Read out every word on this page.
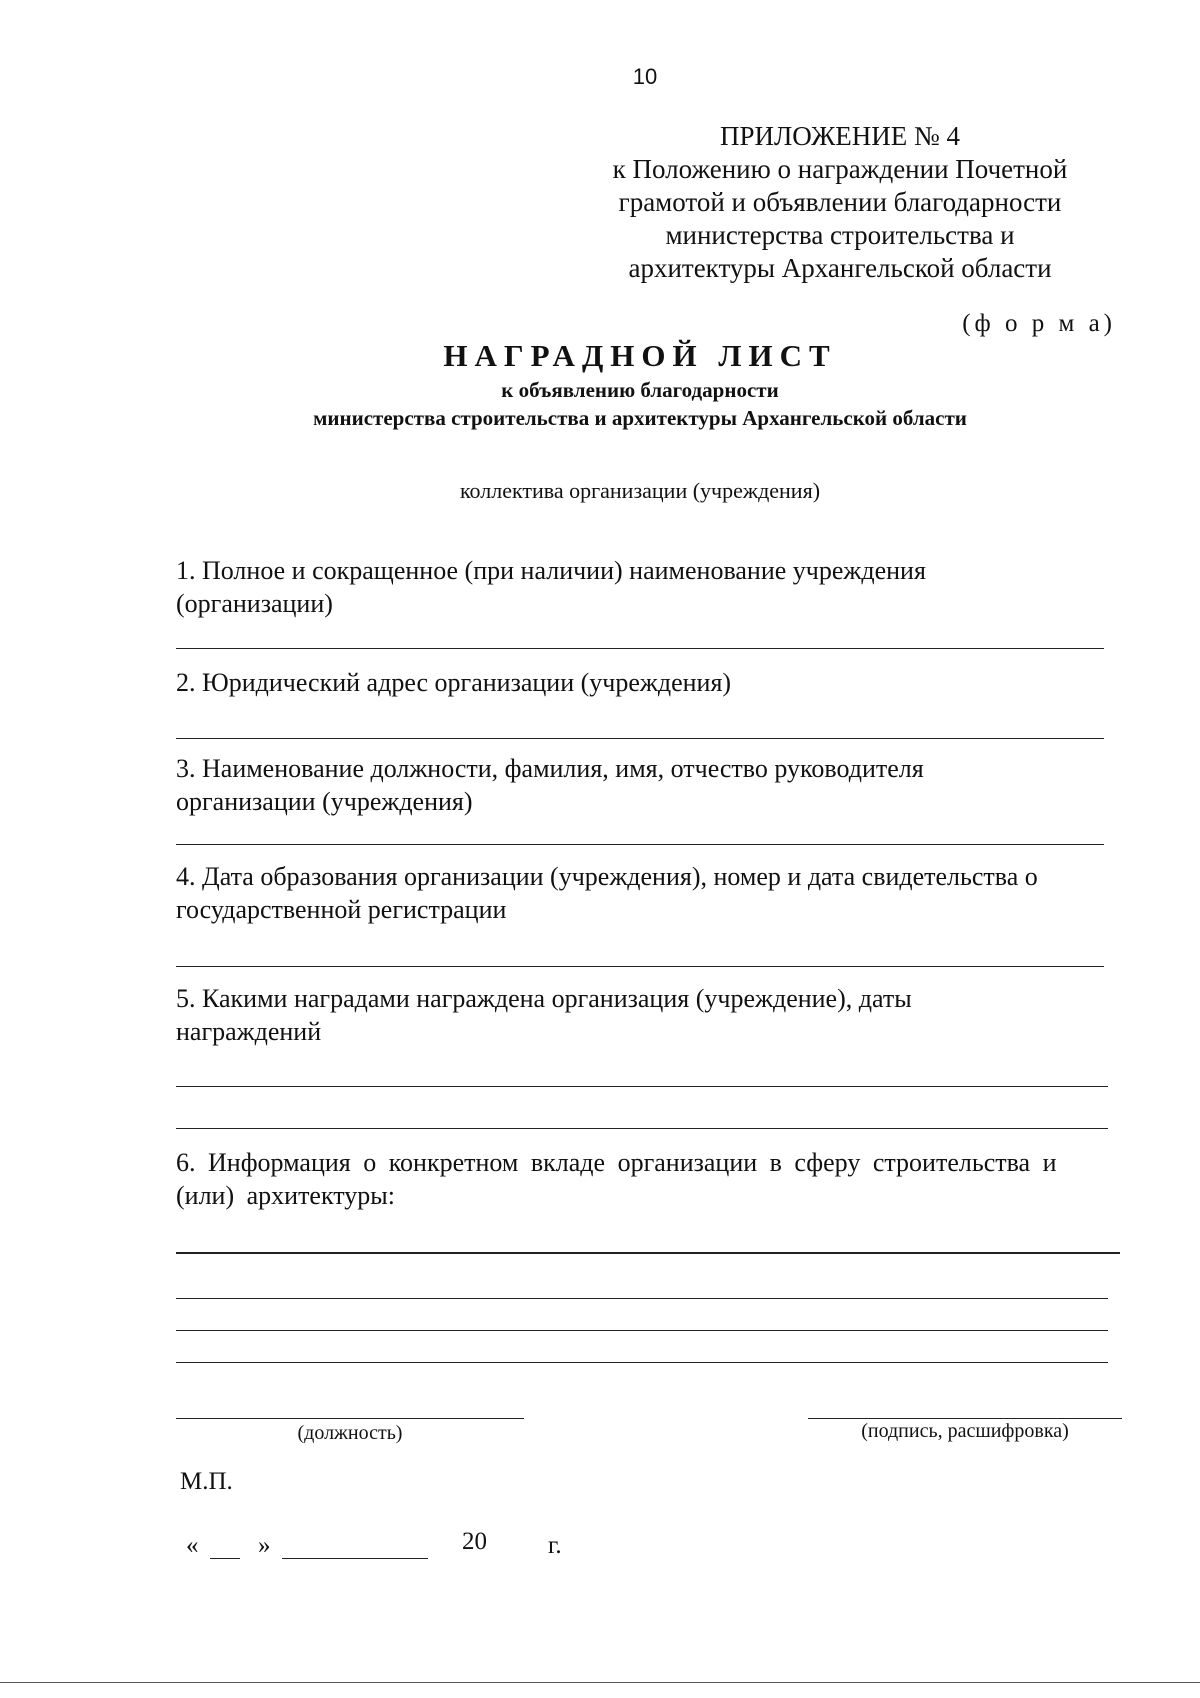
10
ПРИЛОЖЕНИЕ № 4
к Положению о награждении Почетной
грамотой и объявлении благодарности
министерства строительства и
архитектуры Архангельской области
(ф о р м а)
НАГРАДНОЙ ЛИСТ
к объявлению благодарности
министерства строительства и архитектуры Архангельской области
коллектива организации (учреждения)
1. Полное и сокращенное (при наличии) наименование учреждения
(организации)
2. Юридический адрес организации (учреждения)
3. Наименование должности, фамилия, имя, отчество руководителя
организации (учреждения)
4. Дата образования организации (учреждения), номер и дата свидетельства о
государственной регистрации
5. Какими наградами награждена организация (учреждение), даты
награждений
6. Информация о конкретном вкладе организации в сферу строительства и
(или) архитектуры:
(должность)	(подпись, расшифровка)
М.П.
« »	20 г.
